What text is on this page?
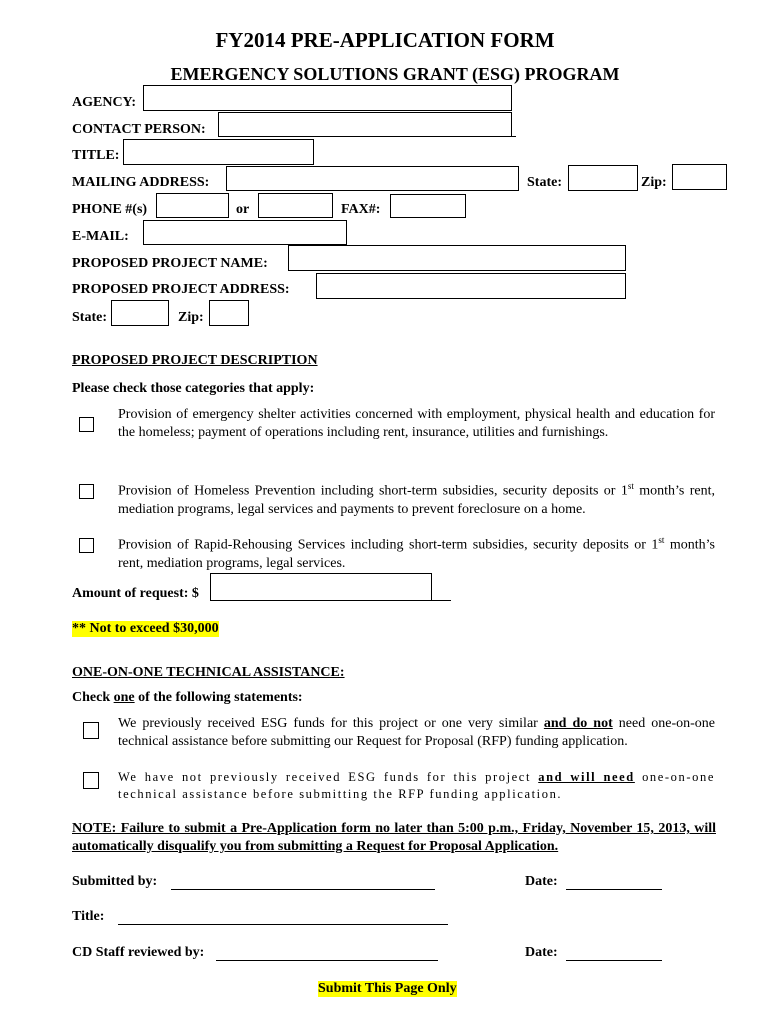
FY2014 PRE-APPLICATION FORM
EMERGENCY SOLUTIONS GRANT (ESG) PROGRAM
AGENCY:
CONTACT PERSON:
TITLE:
MAILING ADDRESS:	State:	Zip:
PHONE #(s)	or	FAX#:
E-MAIL:
PROPOSED PROJECT NAME:
PROPOSED PROJECT ADDRESS:
State:	Zip:
PROPOSED PROJECT DESCRIPTION
Please check those categories that apply:
Provision of emergency shelter activities concerned with employment, physical health and education for the homeless; payment of operations including rent, insurance, utilities and furnishings.
Provision of Homeless Prevention including short-term subsidies, security deposits or 1st month’s rent, mediation programs, legal services and payments to prevent foreclosure on a home.
Provision of Rapid-Rehousing Services including short-term subsidies, security deposits or 1st month’s rent, mediation programs, legal services.
Amount of request: $
** Not to exceed $30,000
ONE-ON-ONE TECHNICAL ASSISTANCE:
Check one of the following statements:
We previously received ESG funds for this project or one very similar and do not need one-on-one technical assistance before submitting our Request for Proposal (RFP) funding application.
We have not previously received ESG funds for this project and will need one-on-one technical assistance before submitting the RFP funding application.
NOTE: Failure to submit a Pre-Application form no later than 5:00 p.m., Friday, November 15, 2013, will automatically disqualify you from submitting a Request for Proposal Application.
Submitted by:	Date:
Title:
CD Staff reviewed by:	Date:
Submit This Page Only
